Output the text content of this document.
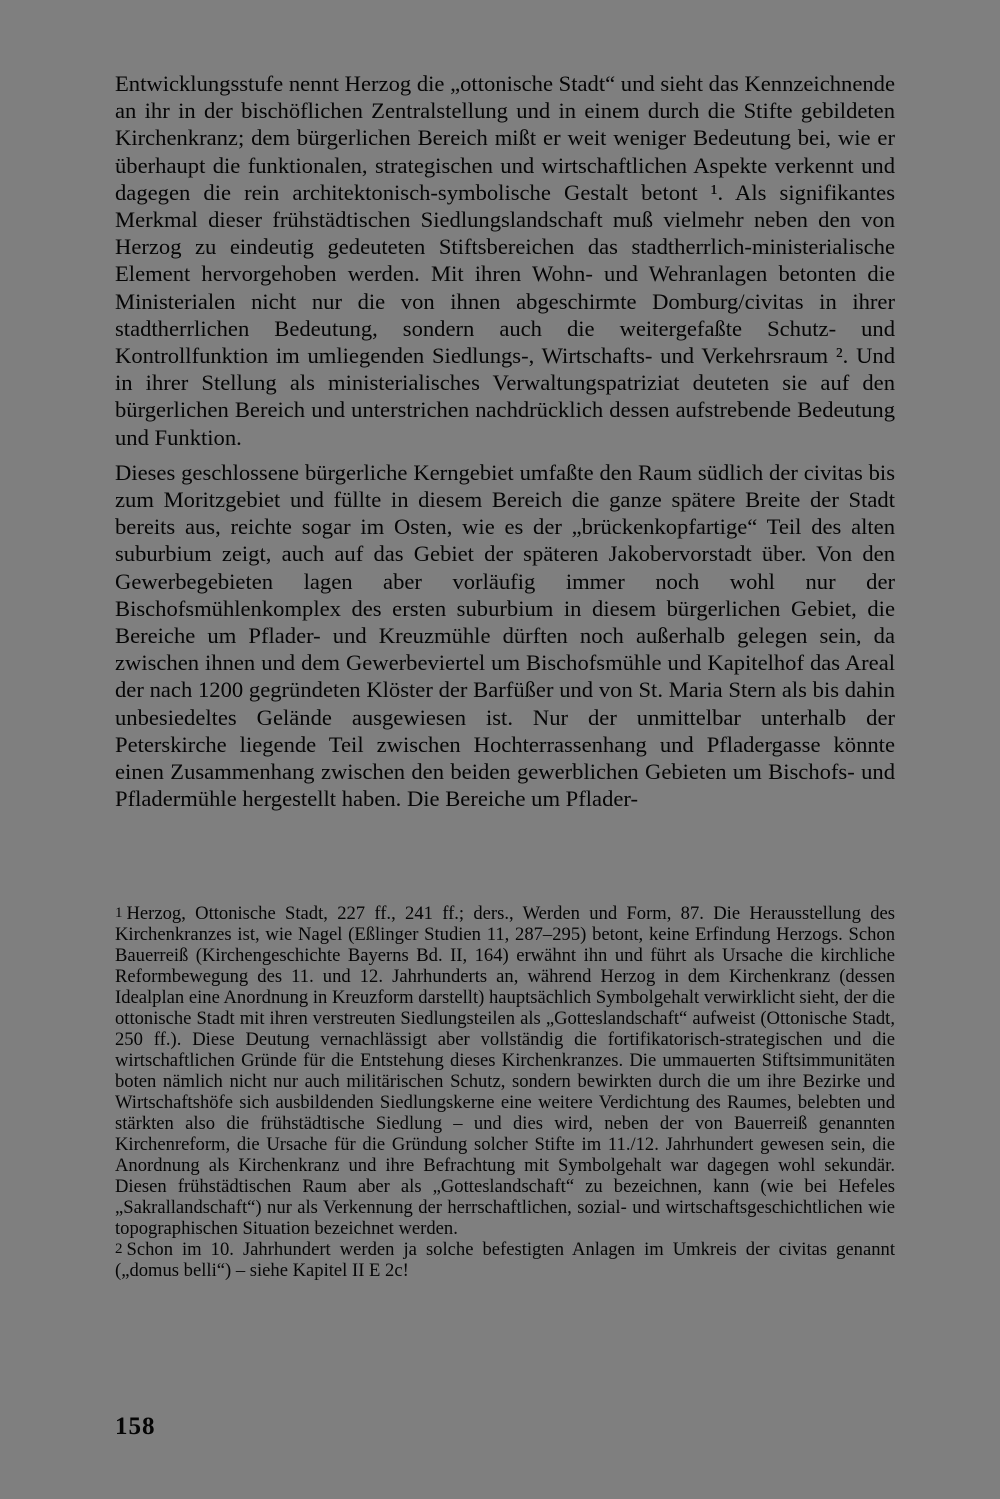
Entwicklungsstufe nennt Herzog die „ottonische Stadt“ und sieht das Kennzeichnende an ihr in der bischöflichen Zentralstellung und in einem durch die Stifte gebildeten Kirchenkranz; dem bürgerlichen Bereich mißt er weit weniger Bedeutung bei, wie er überhaupt die funktionalen, strategischen und wirtschaftlichen Aspekte verkennt und dagegen die rein architektonisch-symbolische Gestalt betont ¹. Als signifikantes Merkmal dieser frühstädtischen Siedlungslandschaft muß vielmehr neben den von Herzog zu eindeutig gedeuteten Stiftsbereichen das stadtherrlich-ministerialische Element hervorgehoben werden. Mit ihren Wohn- und Wehranlagen betonten die Ministerialen nicht nur die von ihnen abgeschirmte Domburg/civitas in ihrer stadtherrlichen Bedeutung, sondern auch die weitergefaßte Schutz- und Kontrollfunktion im umliegenden Siedlungs-, Wirtschafts- und Verkehrsraum ². Und in ihrer Stellung als ministerialisches Verwaltungspatriziat deuteten sie auf den bürgerlichen Bereich und unterstrichen nachdrücklich dessen aufstrebende Bedeutung und Funktion.

Dieses geschlossene bürgerliche Kerngebiet umfaßte den Raum südlich der civitas bis zum Moritzgebiet und füllte in diesem Bereich die ganze spätere Breite der Stadt bereits aus, reichte sogar im Osten, wie es der „brückenkopfartige“ Teil des alten suburbium zeigt, auch auf das Gebiet der späteren Jakobervorstadt über. Von den Gewerbegebieten lagen aber vorläufig immer noch wohl nur der Bischofsmühlenkomplex des ersten suburbium in diesem bürgerlichen Gebiet, die Bereiche um Pflader- und Kreuzmühle dürften noch außerhalb gelegen sein, da zwischen ihnen und dem Gewerbeviertel um Bischofsmühle und Kapitelhof das Areal der nach 1200 gegründeten Klöster der Barfüßer und von St. Maria Stern als bis dahin unbesiedeltes Gelände ausgewiesen ist. Nur der unmittelbar unterhalb der Peterskirche liegende Teil zwischen Hochterrassenhang und Pfladergasse könnte einen Zusammenhang zwischen den beiden gewerblichen Gebieten um Bischofs- und Pfladermühle hergestellt haben. Die Bereiche um Pflader-

1 Herzog, Ottonische Stadt, 227 ff., 241 ff.; ders., Werden und Form, 87. Die Herausstellung des Kirchenkranzes ist, wie Nagel (Eßlinger Studien 11, 287–295) betont, keine Erfindung Herzogs. Schon Bauerreiß (Kirchengeschichte Bayerns Bd. II, 164) erwähnt ihn und führt als Ursache die kirchliche Reformbewegung des 11. und 12. Jahrhunderts an, während Herzog in dem Kirchenkranz (dessen Idealplan eine Anordnung in Kreuzform darstellt) hauptsächlich Symbolgehalt verwirklicht sieht, der die ottonische Stadt mit ihren verstreuten Siedlungsteilen als „Gotteslandschaft“ aufweist (Ottonische Stadt, 250 ff.). Diese Deutung vernachlässigt aber vollständig die fortifikatorisch-strategischen und die wirtschaftlichen Gründe für die Entstehung dieses Kirchenkranzes. Die ummauerten Stiftsimmunitäten boten nämlich nicht nur auch militärischen Schutz, sondern bewirkten durch die um ihre Bezirke und Wirtschaftshöfe sich ausbildenden Siedlungskerne eine weitere Verdichtung des Raumes, belebten und stärkten also die frühstädtische Siedlung – und dies wird, neben der von Bauerreiß genannten Kirchenreform, die Ursache für die Gründung solcher Stifte im 11./12. Jahrhundert gewesen sein, die Anordnung als Kirchenkranz und ihre Befrachtung mit Symbolgehalt war dagegen wohl sekundär. Diesen frühstädtischen Raum aber als „Gotteslandschaft“ zu bezeichnen, kann (wie bei Hefeles „Sakrallandschaft“) nur als Verkennung der herrschaftlichen, sozial- und wirtschaftsgeschichtlichen wie topographischen Situation bezeichnet werden.

2 Schon im 10. Jahrhundert werden ja solche befestigten Anlagen im Umkreis der civitas genannt („domus belli“) – siehe Kapitel II E 2c!

158
